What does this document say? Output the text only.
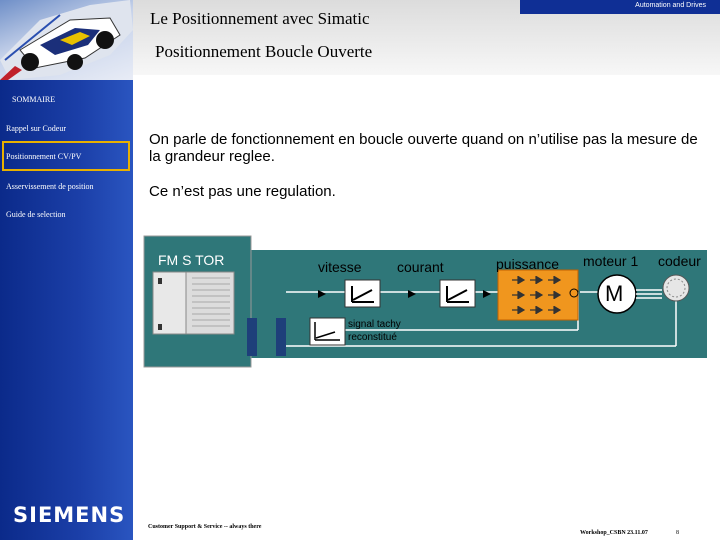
Automation and Drives
Le Positionnement avec Simatic
Positionnement Boucle Ouverte
SOMMAIRE
Rappel sur Codeur
Positionnement CV/PV
Asservissement de position
Guide de selection
SIEMENS
On parle de fonctionnement en boucle ouverte quand on n’utilise pas la mesure de la grandeur reglee.
Ce n’est pas une regulation.
FM S TOR	vitesse	courant	puissance moteur 1 codeur
M
signal tachy
reconstitué
Customer Support & Service -- always there
Workshop_CSBN 23.11.07	8
